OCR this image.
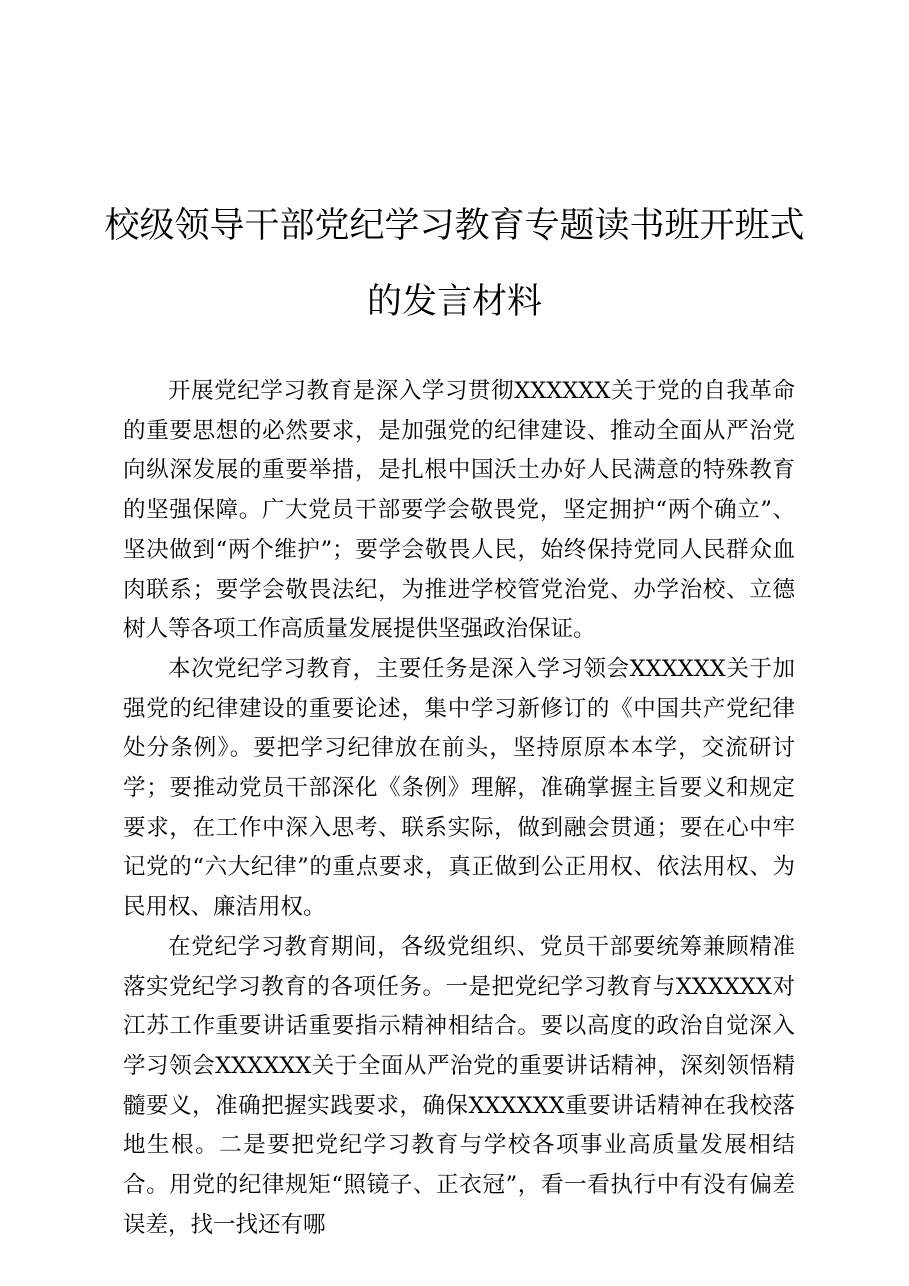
校级领导干部党纪学习教育专题读书班开班式
的发言材料

开展党纪学习教育是深入学习贯彻XXXXXX关于党的自我革命的重要思想的必然要求，是加强党的纪律建设、推动全面从严治党向纵深发展的重要举措，是扎根中国沃土办好人民满意的特殊教育的坚强保障。广大党员干部要学会敬畏党，坚定拥护“两个确立”、坚决做到“两个维护”；要学会敬畏人民，始终保持党同人民群众血肉联系；要学会敬畏法纪，为推进学校管党治党、办学治校、立德树人等各项工作高质量发展提供坚强政治保证。

本次党纪学习教育，主要任务是深入学习领会XXXXXX关于加强党的纪律建设的重要论述，集中学习新修订的《中国共产党纪律处分条例》。要把学习纪律放在前头，坚持原原本本学，交流研讨学；要推动党员干部深化《条例》理解，准确掌握主旨要义和规定要求，在工作中深入思考、联系实际，做到融会贯通；要在心中牢记党的“六大纪律”的重点要求，真正做到公正用权、依法用权、为民用权、廉洁用权。

在党纪学习教育期间，各级党组织、党员干部要统筹兼顾精准落实党纪学习教育的各项任务。一是把党纪学习教育与XXXXXX对江苏工作重要讲话重要指示精神相结合。要以高度的政治自觉深入学习领会XXXXXX关于全面从严治党的重要讲话精神，深刻领悟精髓要义，准确把握实践要求，确保XXXXXX重要讲话精神在我校落地生根。二是要把党纪学习教育与学校各项事业高质量发展相结合。用党的纪律规矩“照镜子、正衣冠”，看一看执行中有没有偏差误差，找一找还有哪
